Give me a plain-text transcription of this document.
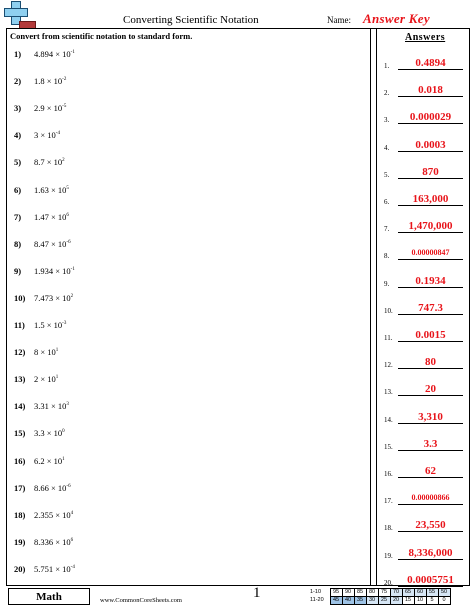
Converting Scientific Notation	Name: Answer Key
Convert from scientific notation to standard form.	Answers
1) $4.894 \times 10^{-1}$
2) $1.8 \times 10^{-2}$
3) $2.9 \times 10^{-5}$
4) $3 \times 10^{-4}$
5) $8.7 \times 10^2$
6) $1.63 \times 10^5$
7) $1.47 \times 10^6$
8) $8.47 \times 10^{-6}$
9) $1.934 \times 10^{-1}$
10) $7.473 \times 10^2$
11) $1.5 \times 10^{-3}$
12) $8 \times 10^1$
13) $2 \times 10^1$
14) $3.31 \times 10^3$
15) $3.3 \times 10^0$
16) $6.2 \times 10^1$
17) $8.66 \times 10^{-6}$
18) $2.355 \times 10^4$
19) $8.336 \times 10^6$
20) $5.751 \times 10^{-4}$
1.	0.4894
2.	0.018
3.	0.000029
4.	0.0003
5.	870
6.	163,000
7.	1,470,000
8.	0.00000847
9.	0.1934
10.	747.3
11.	0.0015
12.	80
13.	20
14.	3,310
15.	3.3
16.	62
17.	0.00000866
18.	23,550
19.	8,336,000
20.	0.0005751
Math	www.CommonCoreSheets.com	1	1-10	95	90	85	80	75	70	65	60	55	50
11-20	45	40	35	30	25	20	15	10	5	0
